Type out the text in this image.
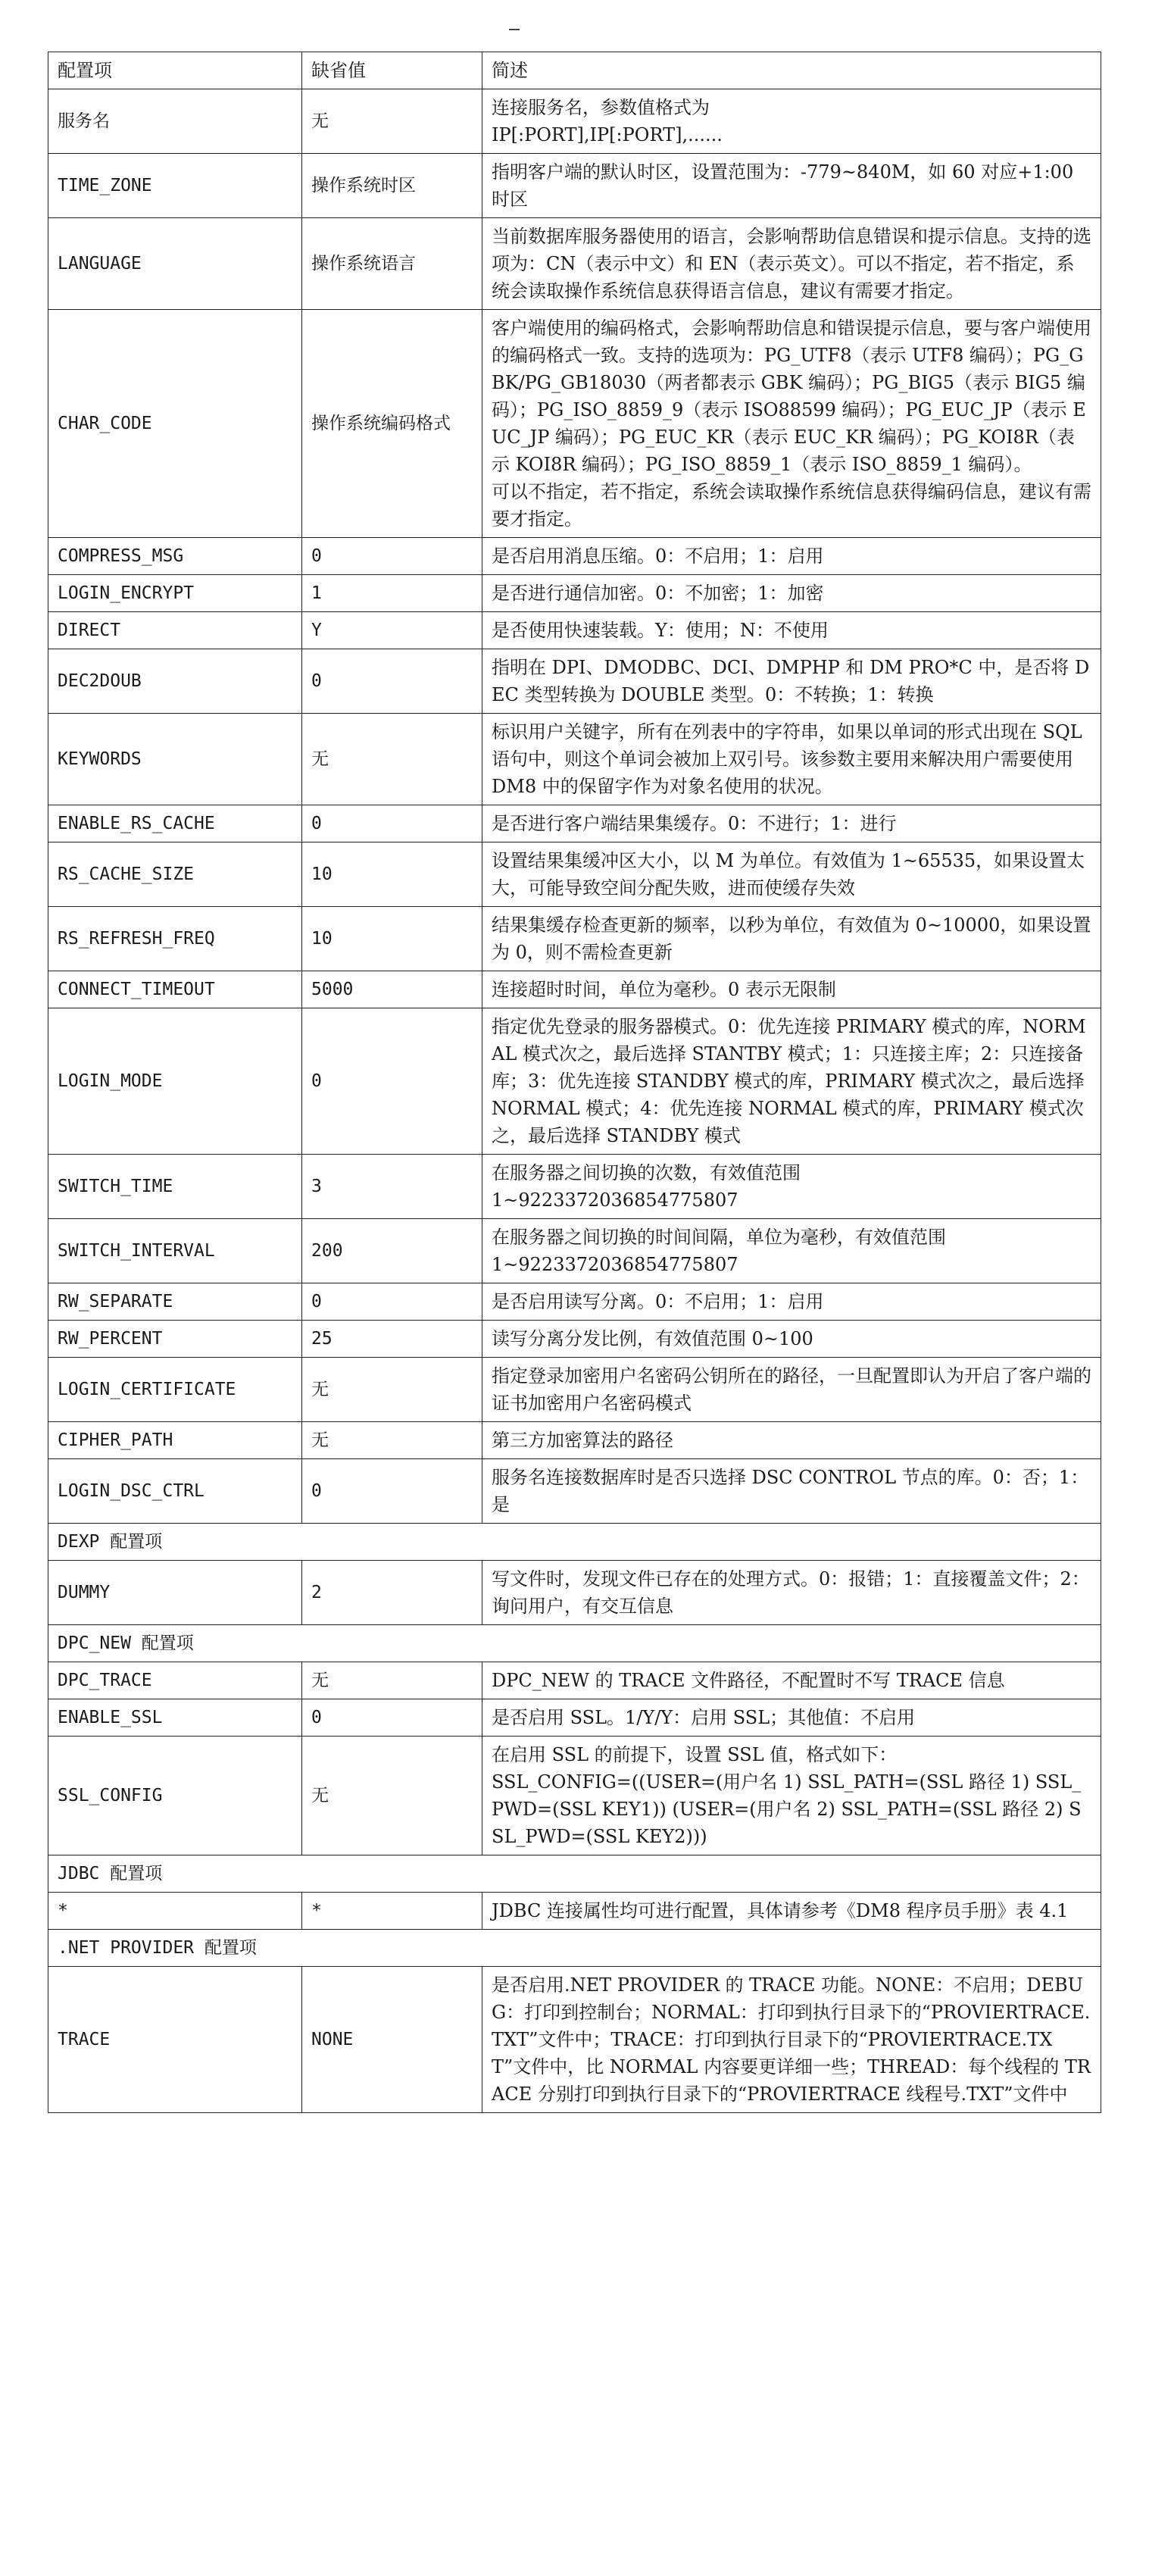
配置项	缺省值	简述
服务名	无	连接服务名，参数值格式为
IP[:PORT],IP[:PORT],......
TIME_ZONE	操作系统时区	指明客户端的默认时区，设置范围为：-779~840M，如 60 对应+1:00 时区
LANGUAGE	操作系统语言	当前数据库服务器使用的语言，会影响帮助信息错误和提示信息。支持的选项为：CN（表示中文）和 EN（表示英文）。可以不指定，若不指定，系统会读取操作系统信息获得语言信息，建议有需要才指定。
CHAR_CODE	操作系统编码格式	客户端使用的编码格式，会影响帮助信息和错误提示信息，要与客户端使用的编码格式一致。支持的选项为：PG_UTF8（表示 UTF8 编码）；PG_GBK/PG_GB18030（两者都表示 GBK 编码）；PG_BIG5（表示 BIG5 编码）；PG_ISO_8859_9（表示 ISO88599 编码）；PG_EUC_JP（表示 EUC_JP 编码）；PG_EUC_KR（表示 EUC_KR 编码）；PG_KOI8R（表示 KOI8R 编码）；PG_ISO_8859_1（表示 ISO_8859_1 编码）。
可以不指定，若不指定，系统会读取操作系统信息获得编码信息，建议有需要才指定。
COMPRESS_MSG	0	是否启用消息压缩。0：不启用；1：启用
LOGIN_ENCRYPT	1	是否进行通信加密。0：不加密；1：加密
DIRECT	Y	是否使用快速装载。Y：使用；N：不使用
DEC2DOUB	0	指明在 DPI、DMODBC、DCI、DMPHP 和 DM PRO*C 中，是否将 DEC 类型转换为 DOUBLE 类型。0：不转换；1：转换
KEYWORDS	无	标识用户关键字，所有在列表中的字符串，如果以单词的形式出现在 SQL 语句中，则这个单词会被加上双引号。该参数主要用来解决用户需要使用 DM8 中的保留字作为对象名使用的状况。
ENABLE_RS_CACHE	0	是否进行客户端结果集缓存。0：不进行；1：进行
RS_CACHE_SIZE	10	设置结果集缓冲区大小，以 M 为单位。有效值为 1~65535，如果设置太大，可能导致空间分配失败，进而使缓存失效
RS_REFRESH_FREQ	10	结果集缓存检查更新的频率，以秒为单位，有效值为 0~10000，如果设置为 0，则不需检查更新
CONNECT_TIMEOUT	5000	连接超时时间，单位为毫秒。0 表示无限制
LOGIN_MODE	0	指定优先登录的服务器模式。0：优先连接 PRIMARY 模式的库，NORMAL 模式次之，最后选择 STANTBY 模式；1：只连接主库；2：只连接备库；3：优先连接 STANDBY 模式的库，PRIMARY 模式次之，最后选择 NORMAL 模式；4：优先连接 NORMAL 模式的库，PRIMARY 模式次之，最后选择 STANDBY 模式
SWITCH_TIME	3	在服务器之间切换的次数，有效值范围
1~9223372036854775807
SWITCH_INTERVAL	200	在服务器之间切换的时间间隔，单位为毫秒，有效值范围
1~9223372036854775807
RW_SEPARATE	0	是否启用读写分离。0：不启用；1：启用
RW_PERCENT	25	读写分离分发比例，有效值范围 0~100
LOGIN_CERTIFICATE	无	指定登录加密用户名密码公钥所在的路径，一旦配置即认为开启了客户端的证书加密用户名密码模式
CIPHER_PATH	无	第三方加密算法的路径
LOGIN_DSC_CTRL	0	服务名连接数据库时是否只选择 DSC CONTROL 节点的库。0：否；1：是
DEXP 配置项		
DUMMY	2	写文件时，发现文件已存在的处理方式。0：报错；1：直接覆盖文件；2：询问用户，有交互信息
DPC_NEW 配置项		
DPC_TRACE	无	DPC_NEW 的 TRACE 文件路径，不配置时不写 TRACE 信息
ENABLE_SSL	0	是否启用 SSL。1/Y/Y：启用 SSL；其他值：不启用
SSL_CONFIG	无	在启用 SSL 的前提下，设置 SSL 值，格式如下：
SSL_CONFIG=((USER=(用户名 1) SSL_PATH=(SSL 路径 1) SSL_PWD=(SSL KEY1)) (USER=(用户名 2) SSL_PATH=(SSL 路径 2) SSL_PWD=(SSL KEY2)))
JDBC 配置项		
*	*	JDBC 连接属性均可进行配置，具体请参考《DM8 程序员手册》表 4.1
.NET PROVIDER 配置项		
TRACE	NONE	是否启用.NET PROVIDER 的 TRACE 功能。NONE：不启用；DEBUG：打印到控制台；NORMAL：打印到执行目录下的“PROVIERTRACE.TXT”文件中；TRACE：打印到执行目录下的“PROVIERTRACE.TXT”文件中，比 NORMAL 内容要更详细一些；THREAD：每个线程的 TRACE 分别打印到执行目录下的“PROVIERTRACE 线程号.TXT”文件中
